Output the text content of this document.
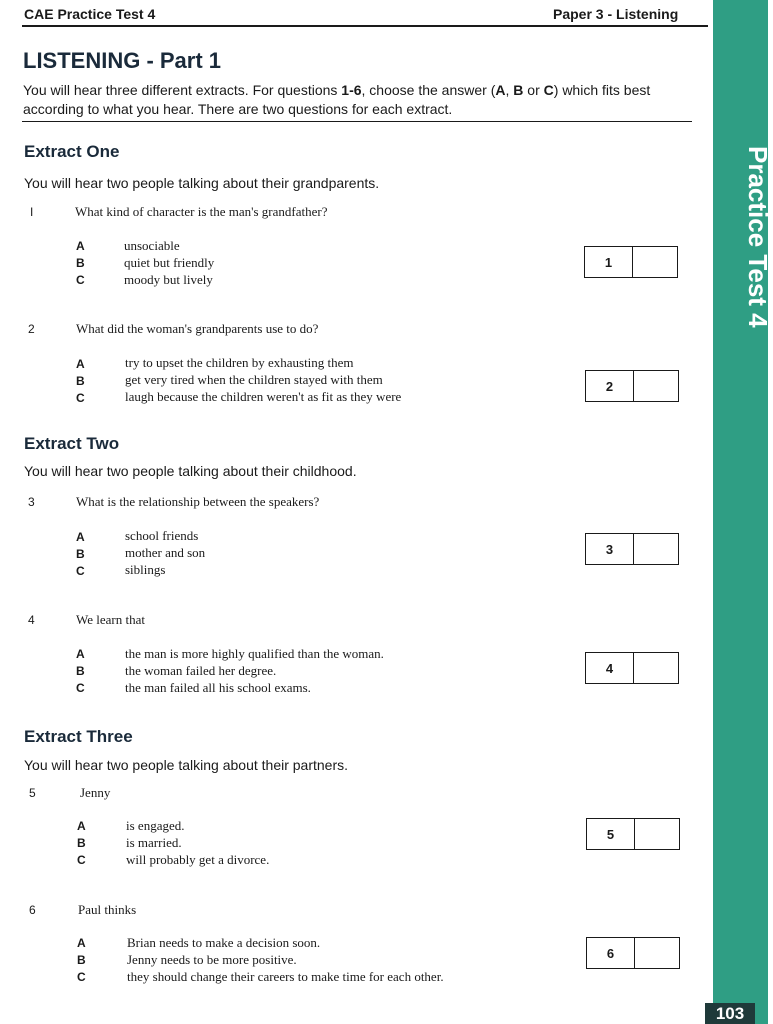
CAE Practice Test 4	Paper 3 - Listening
Practice Test 4
103
LISTENING - Part 1
You will hear three different extracts. For questions 1-6, choose the answer (A, B or C) which fits best according to what you hear. There are two questions for each extract.
Extract One
You will hear two people talking about their grandparents.
I	What kind of character is the man's grandfather?
A	unsociable
B	quiet but friendly
C	moody but lively
1
2	What did the woman's grandparents use to do?
A	try to upset the children by exhausting them
B	get very tired when the children stayed with them
C	laugh because the children weren't as fit as they were
2
Extract Two
You will hear two people talking about their childhood.
3	What is the relationship between the speakers?
A	school friends
B	mother and son
C	siblings
3
4	We learn that
A	the man is more highly qualified than the woman.
B	the woman failed her degree.
C	the man failed all his school exams.
4
Extract Three
You will hear two people talking about their partners.
5	Jenny
A	is engaged.
B	is married.
C	will probably get a divorce.
5
6	Paul thinks
A	Brian needs to make a decision soon.
B	Jenny needs to be more positive.
C	they should change their careers to make time for each other.
6
